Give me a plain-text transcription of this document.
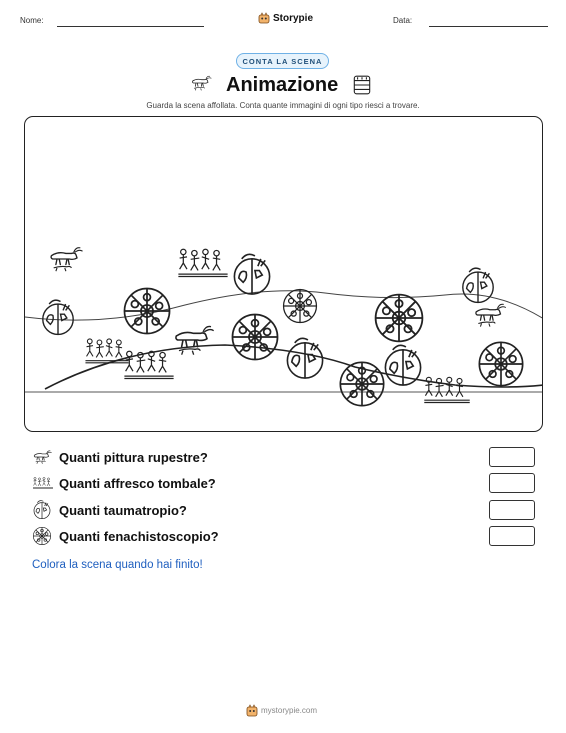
Nome:	Storypie	Data:
CONTA LA SCENA
Animazione
Guarda la scena affollata. Conta quante immagini di ogni tipo riesci a trovare.
Quanti pittura rupestre?
Quanti affresco tombale?
Quanti taumatropio?
Quanti fenachistoscopio?
Colora la scena quando hai finito!
mystorypie.com
